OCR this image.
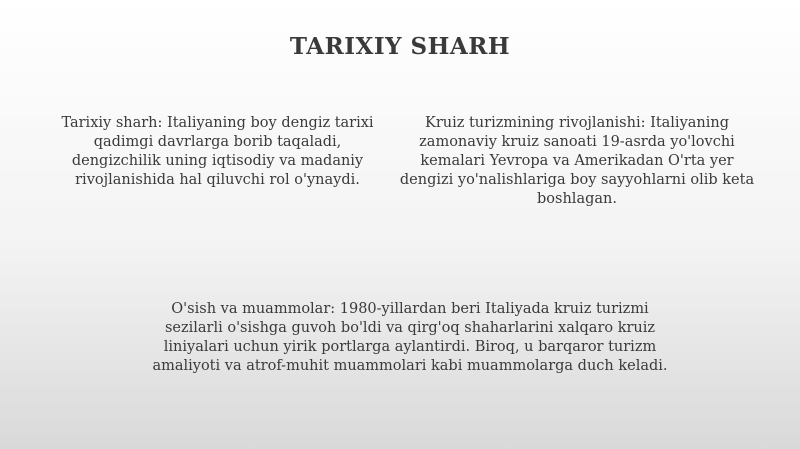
TARIXIY SHARH

Tarixiy sharh: Italiyaning boy dengiz tarixi qadimgi davrlarga borib taqaladi, dengizchilik uning iqtisodiy va madaniy rivojlanishida hal qiluvchi rol o'ynaydi.

Kruiz turizmining rivojlanishi: Italiyaning zamonaviy kruiz sanoati 19-asrda yo'lovchi kemalari Yevropa va Amerikadan O'rta yer dengizi yo'nalishlariga boy sayyohlarni olib keta boshlagan.

O'sish va muammolar: 1980-yillardan beri Italiyada kruiz turizmi sezilarli o'sishga guvoh bo'ldi va qirg'oq shaharlarini xalqaro kruiz liniyalari uchun yirik portlarga aylantirdi. Biroq, u barqaror turizm amaliyoti va atrof-muhit muammolari kabi muammolarga duch keladi.
